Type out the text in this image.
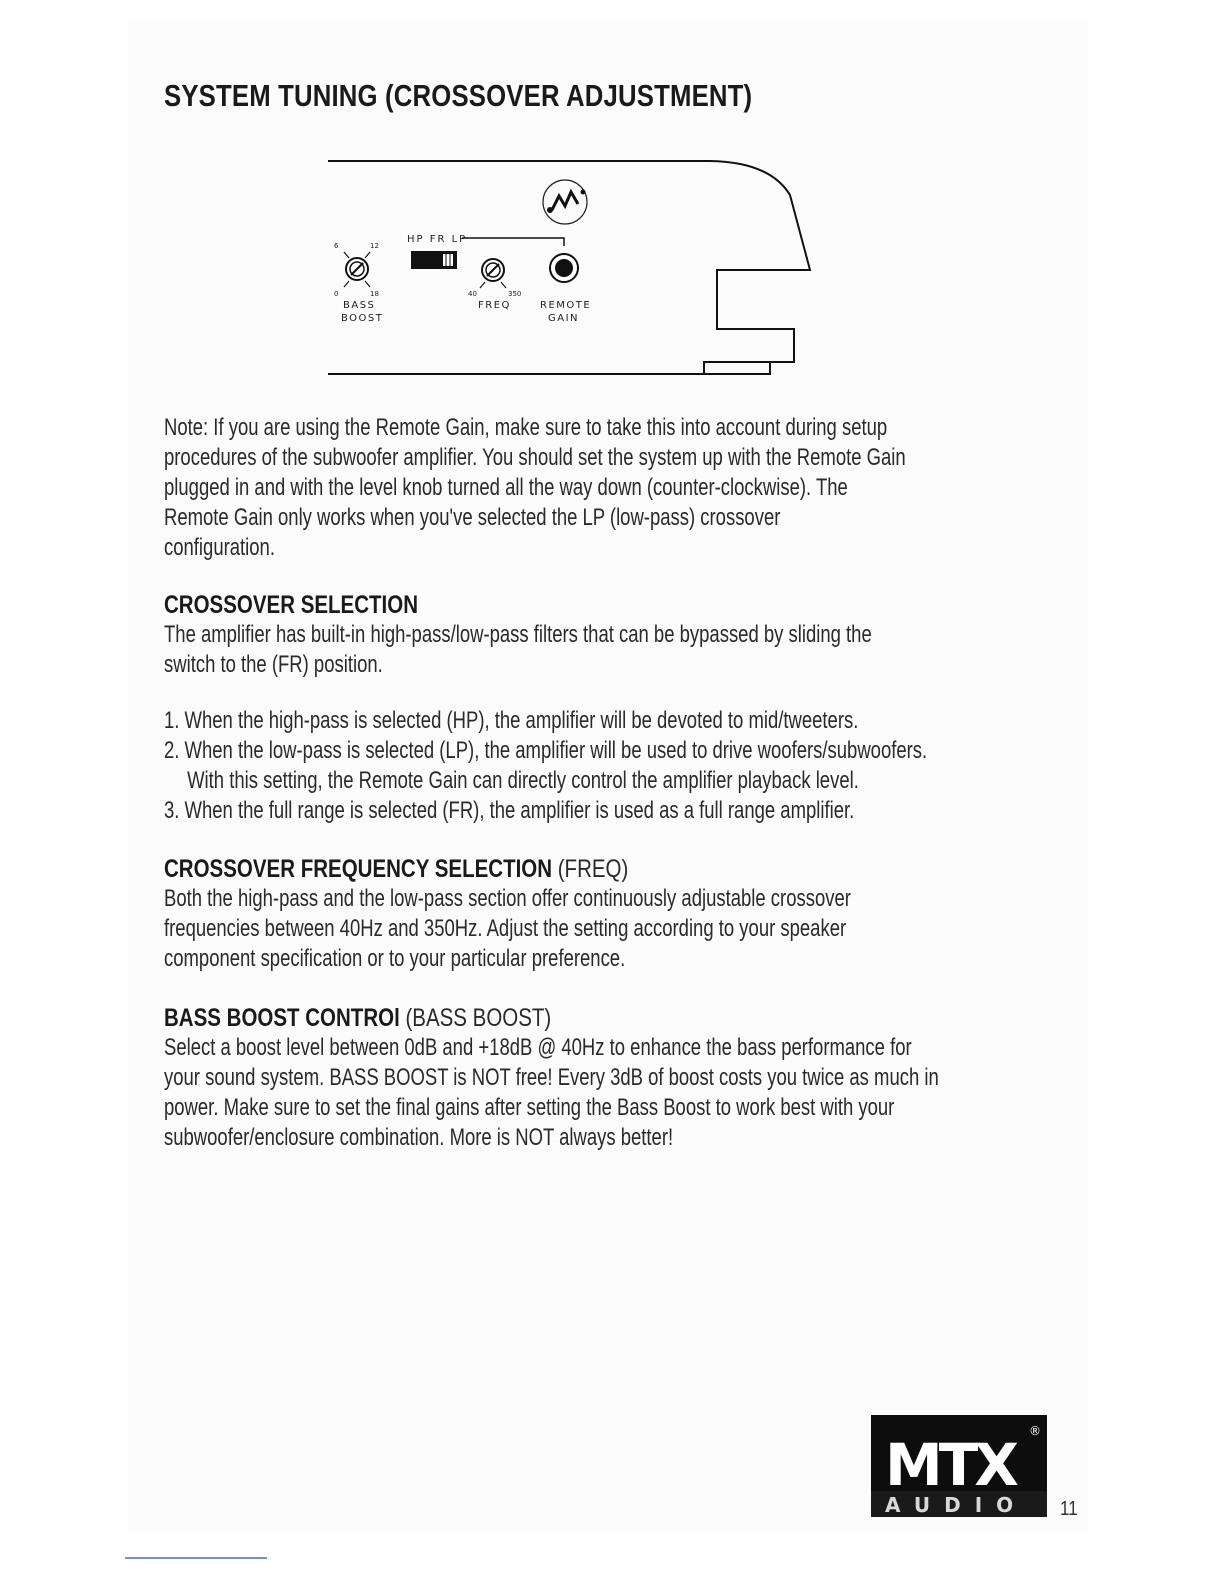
SYSTEM TUNING (CROSSOVER ADJUSTMENT)
HP FR LP
6	12
0	18
BASS
BOOST
40	350
FREQ	REMOTE
GAIN

Note: If you are using the Remote Gain, make sure to take this into account during setup
procedures of the subwoofer amplifier. You should set the system up with the Remote Gain
plugged in and with the level knob turned all the way down (counter-clockwise). The
Remote Gain only works when you've selected the LP (low-pass) crossover
configuration.

CROSSOVER SELECTION

The amplifier has built-in high-pass/low-pass filters that can be bypassed by sliding the
switch to the (FR) position.

1. When the high-pass is selected (HP), the amplifier will be devoted to mid/tweeters.
2. When the low-pass is selected (LP), the amplifier will be used to drive woofers/subwoofers.
With this setting, the Remote Gain can directly control the amplifier playback level.
3. When the full range is selected (FR), the amplifier is used as a full range amplifier.

CROSSOVER FREQUENCY SELECTION (FREQ)

Both the high-pass and the low-pass section offer continuously adjustable crossover
frequencies between 40Hz and 350Hz. Adjust the setting according to your speaker
component specification or to your particular preference.

BASS BOOST CONTROl (BASS BOOST)

Select a boost level between 0dB and +18dB @ 40Hz to enhance the bass performance for
your sound system. BASS BOOST is NOT free! Every 3dB of boost costs you twice as much in
power. Make sure to set the final gains after setting the Bass Boost to work best with your
subwoofer/enclosure combination. More is NOT always better!

MTX ®
AUDIO 11
